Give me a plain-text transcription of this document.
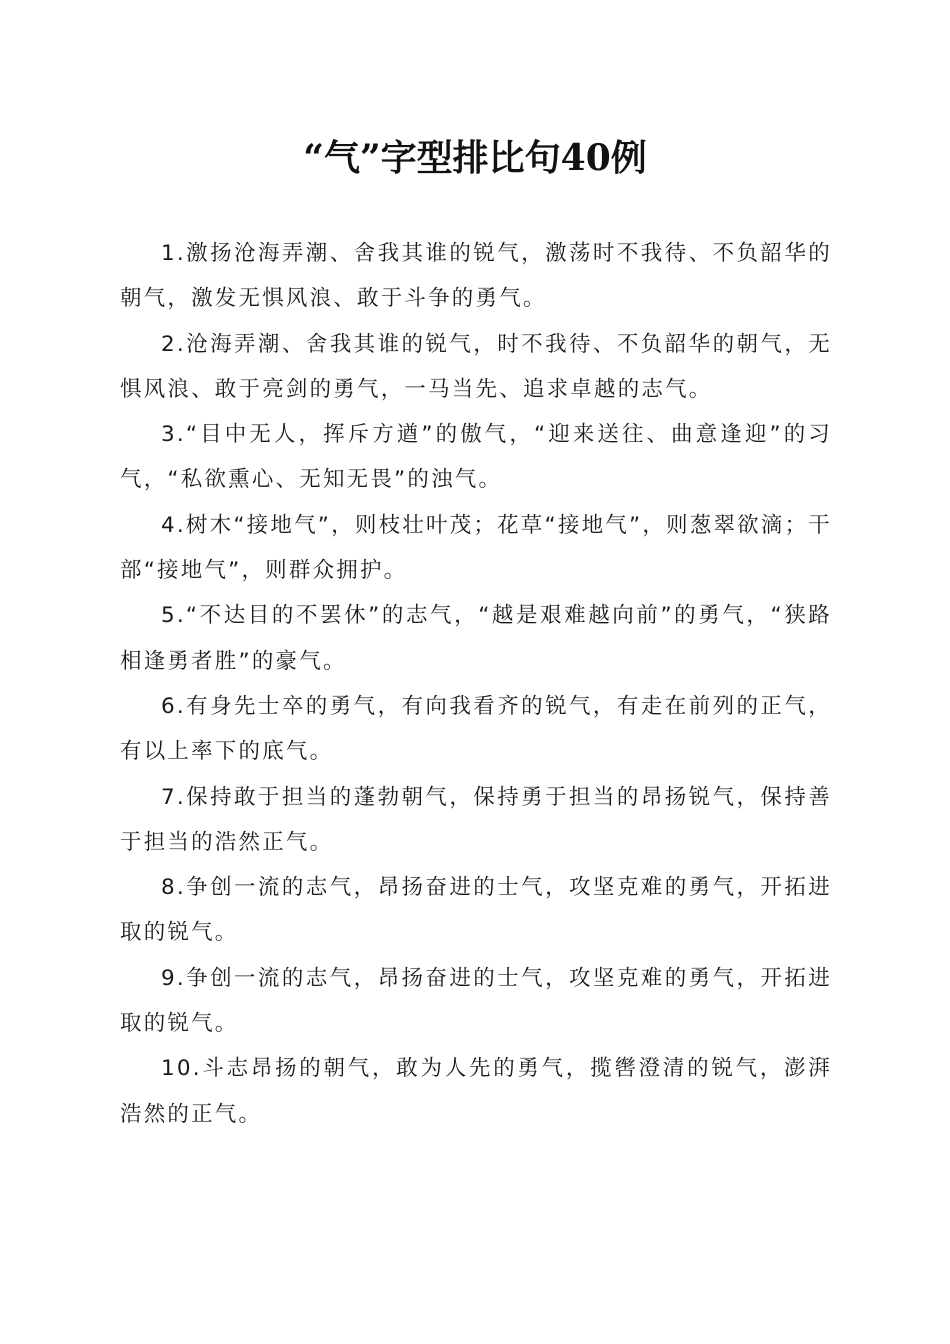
“气”字型排比句40例

1.激扬沧海弄潮、舍我其谁的锐气，激荡时不我待、不负韶华的朝气，激发无惧风浪、敢于斗争的勇气。

2.沧海弄潮、舍我其谁的锐气，时不我待、不负韶华的朝气，无惧风浪、敢于亮剑的勇气，一马当先、追求卓越的志气。

3.“目中无人，挥斥方遒”的傲气，“迎来送往、曲意逢迎”的习气，“私欲熏心、无知无畏”的浊气。

4.树木“接地气”，则枝壮叶茂；花草“接地气”，则葱翠欲滴；干部“接地气”，则群众拥护。

5.“不达目的不罢休”的志气，“越是艰难越向前”的勇气，“狭路相逢勇者胜”的豪气。

6.有身先士卒的勇气，有向我看齐的锐气，有走在前列的正气，有以上率下的底气。

7.保持敢于担当的蓬勃朝气，保持勇于担当的昂扬锐气，保持善于担当的浩然正气。

8.争创一流的志气，昂扬奋进的士气，攻坚克难的勇气，开拓进取的锐气。

9.争创一流的志气，昂扬奋进的士气，攻坚克难的勇气，开拓进取的锐气。

10.斗志昂扬的朝气，敢为人先的勇气，揽辔澄清的锐气，澎湃浩然的正气。
